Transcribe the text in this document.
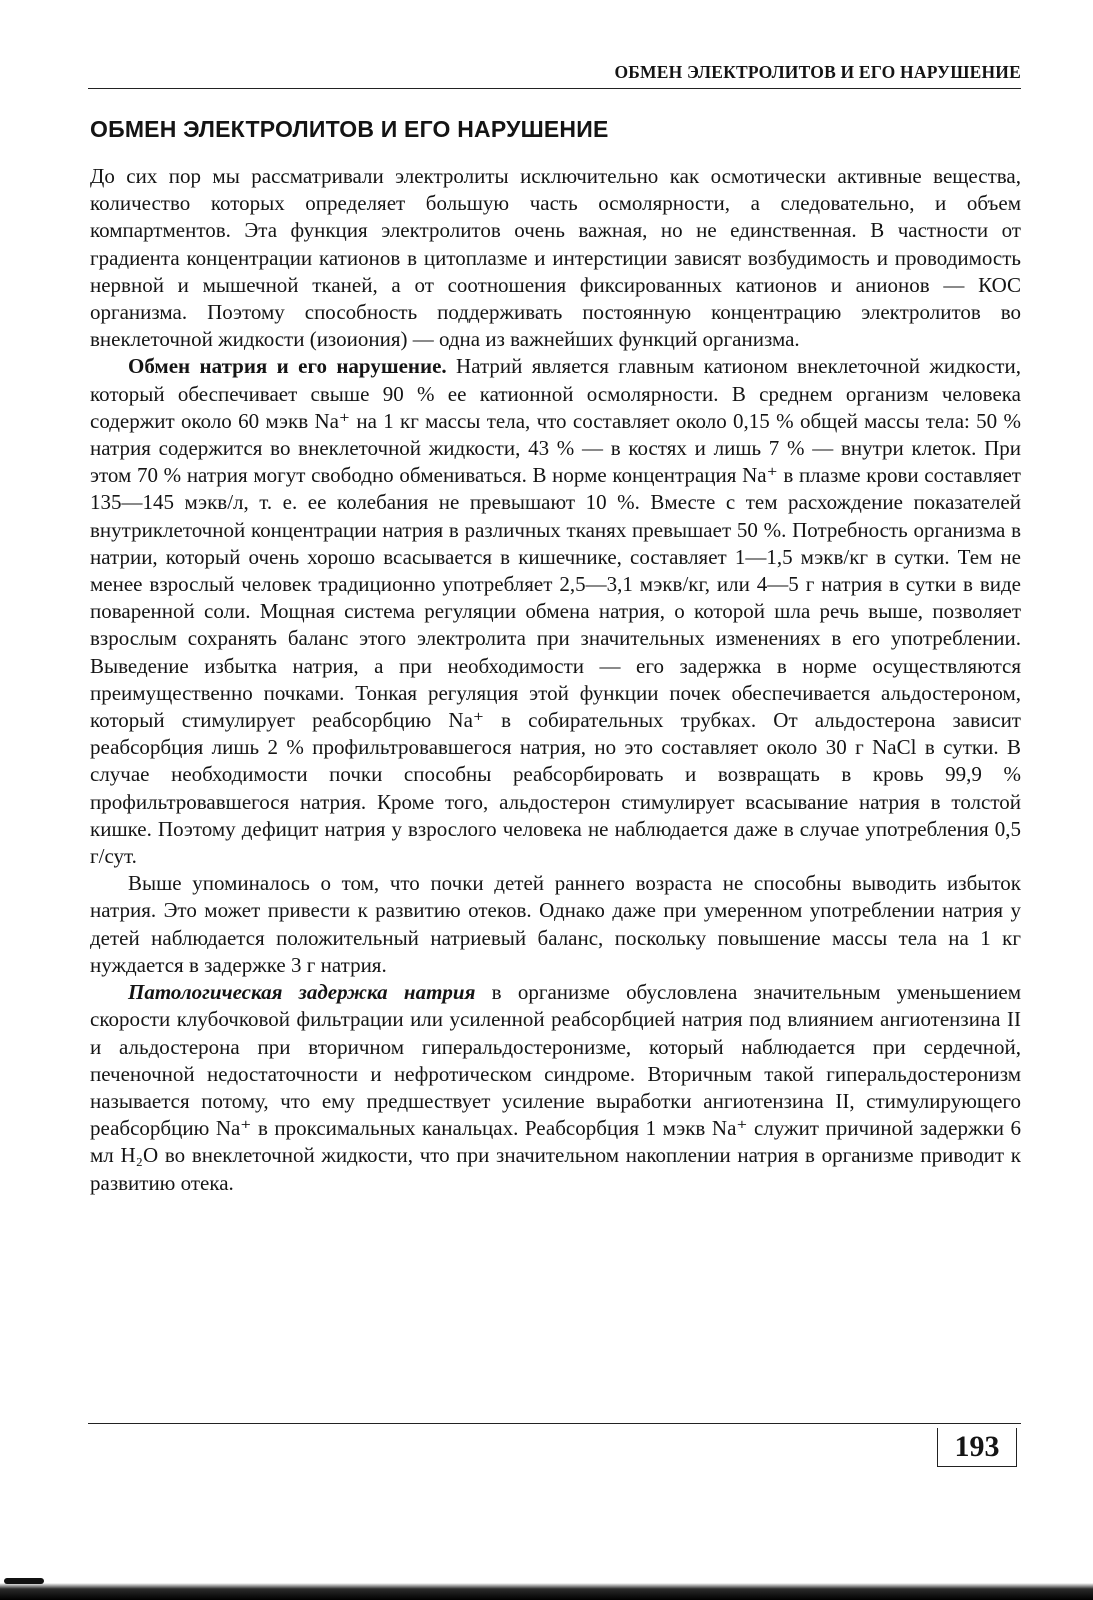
ОБМЕН ЭЛЕКТРОЛИТОВ И ЕГО НАРУШЕНИЕ
ОБМЕН ЭЛЕКТРОЛИТОВ И ЕГО НАРУШЕНИЕ

До сих пор мы рассматривали электролиты исключительно как осмотически активные вещества, количество которых определяет большую часть осмолярности, а следовательно, и объем компартментов. Эта функция электролитов очень важная, но не единственная. В частности от градиента концентрации катионов в цитоплазме и интерстиции зависят возбудимость и проводимость нервной и мышечной тканей, а от соотношения фиксированных катионов и анионов — КОС организма. Поэтому способность поддерживать постоянную концентрацию электролитов во внеклеточной жидкости (изоиония) — одна из важнейших функций организма.

Обмен натрия и его нарушение. Натрий является главным катионом внеклеточной жидкости, который обеспечивает свыше 90 % ее катионной осмолярности. В среднем организм человека содержит около 60 мэкв Na⁺ на 1 кг массы тела, что составляет около 0,15 % общей массы тела: 50 % натрия содержится во внеклеточной жидкости, 43 % — в костях и лишь 7 % — внутри клеток. При этом 70 % натрия могут свободно обмениваться. В норме концентрация Na⁺ в плазме крови составляет 135—145 мэкв/л, т. е. ее колебания не превышают 10 %. Вместе с тем расхождение показателей внутриклеточной концентрации натрия в различных тканях превышает 50 %. Потребность организма в натрии, который очень хорошо всасывается в кишечнике, составляет 1—1,5 мэкв/кг в сутки. Тем не менее взрослый человек традиционно употребляет 2,5—3,1 мэкв/кг, или 4—5 г натрия в сутки в виде поваренной соли. Мощная система регуляции обмена натрия, о которой шла речь выше, позволяет взрослым сохранять баланс этого электролита при значительных изменениях в его употреблении. Выведение избытка натрия, а при необходимости — его задержка в норме осуществляются преимущественно почками. Тонкая регуляция этой функции почек обеспечивается альдостероном, который стимулирует реабсорбцию Na⁺ в собирательных трубках. От альдостерона зависит реабсорбция лишь 2 % профильтровавшегося натрия, но это составляет около 30 г NaCl в сутки. В случае необходимости почки способны реабсорбировать и возвращать в кровь 99,9 % профильтровавшегося натрия. Кроме того, альдостерон стимулирует всасывание натрия в толстой кишке. Поэтому дефицит натрия у взрослого человека не наблюдается даже в случае употребления 0,5 г/сут.

Выше упоминалось о том, что почки детей раннего возраста не способны выводить избыток натрия. Это может привести к развитию отеков. Однако даже при умеренном употреблении натрия у детей наблюдается положительный натриевый баланс, поскольку повышение массы тела на 1 кг нуждается в задержке 3 г натрия.

Патологическая задержка натрия в организме обусловлена значительным уменьшением скорости клубочковой фильтрации или усиленной реабсорбцией натрия под влиянием ангиотензина II и альдостерона при вторичном гиперальдостеронизме, который наблюдается при сердечной, печеночной недостаточности и нефротическом синдроме. Вторичным такой гиперальдостеронизм называется потому, что ему предшествует усиление выработки ангиотензина II, стимулирующего реабсорбцию Na⁺ в проксимальных канальцах. Реабсорбция 1 мэкв Na⁺ служит причиной задержки 6 мл H₂O во внеклеточной жидкости, что при значительном накоплении натрия в организме приводит к развитию отека.

193
